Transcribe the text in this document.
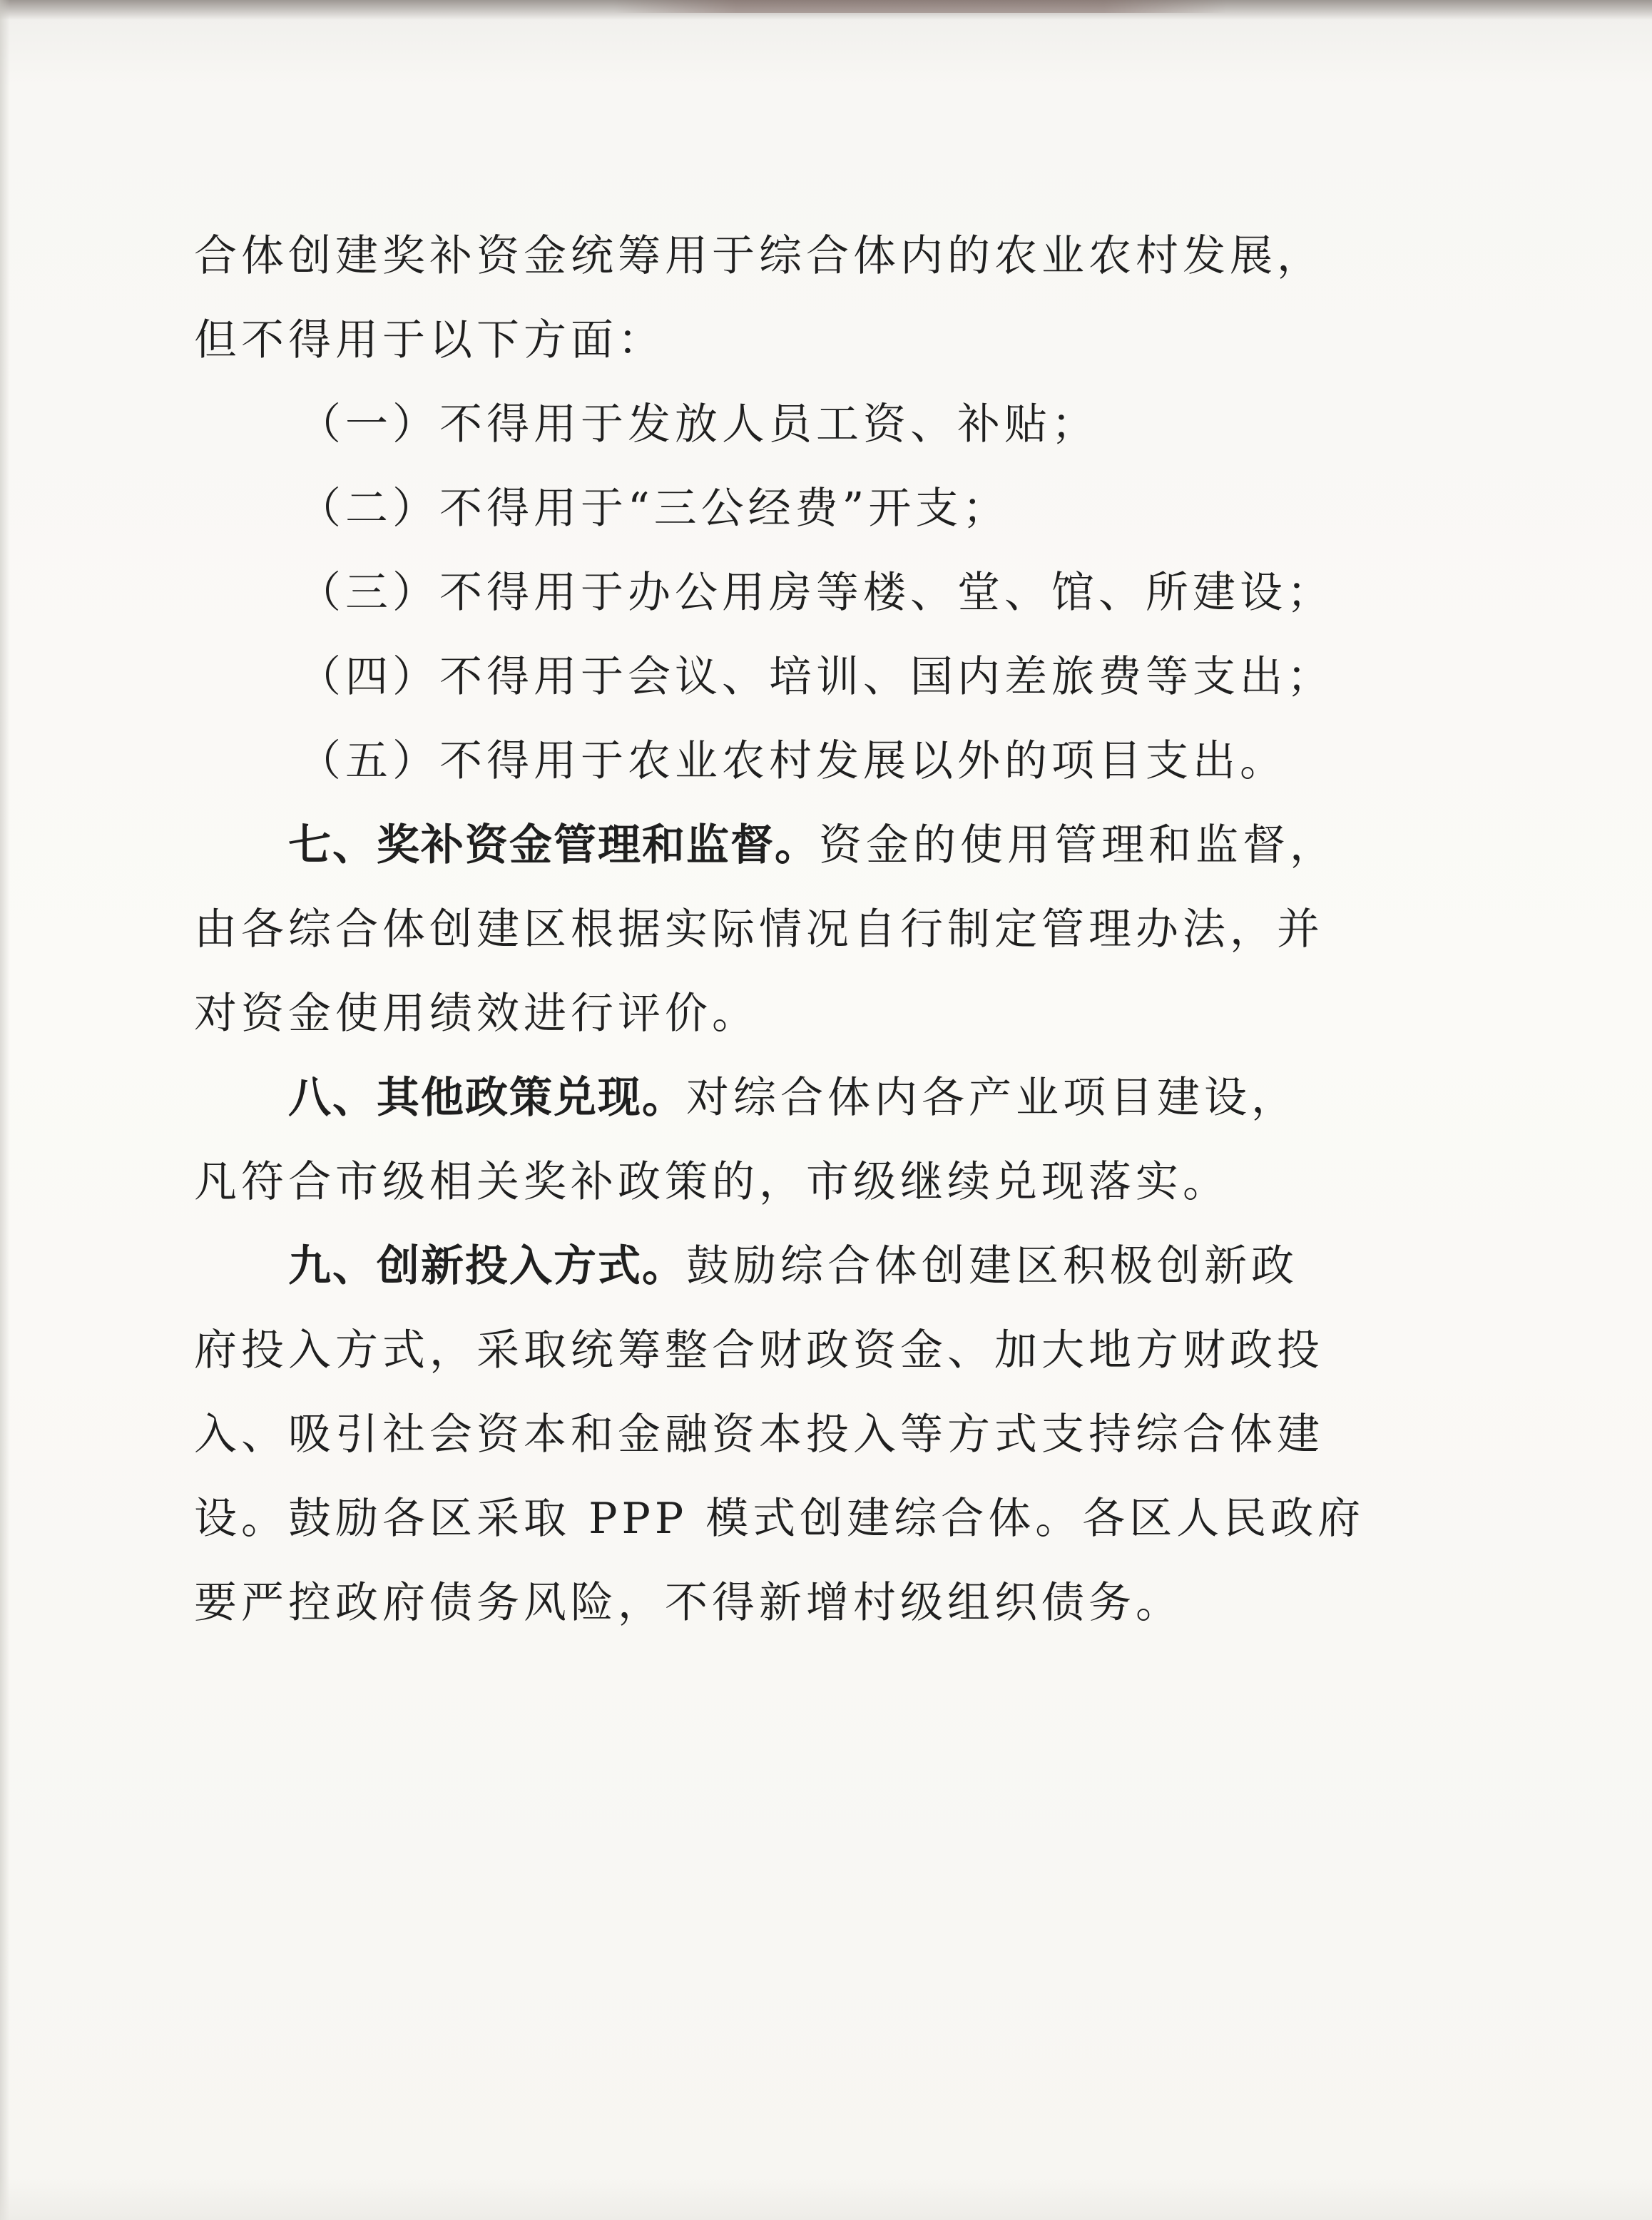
合体创建奖补资金统筹用于综合体内的农业农村发展，
但不得用于以下方面：
（一）不得用于发放人员工资、补贴；
（二）不得用于“三公经费”开支；
（三）不得用于办公用房等楼、堂、馆、所建设；
（四）不得用于会议、培训、国内差旅费等支出；
（五）不得用于农业农村发展以外的项目支出。
七、奖补资金管理和监督。资金的使用管理和监督，
由各综合体创建区根据实际情况自行制定管理办法，并
对资金使用绩效进行评价。
八、其他政策兑现。对综合体内各产业项目建设，
凡符合市级相关奖补政策的，市级继续兑现落实。
九、创新投入方式。鼓励综合体创建区积极创新政
府投入方式，采取统筹整合财政资金、加大地方财政投
入、吸引社会资本和金融资本投入等方式支持综合体建
设。鼓励各区采取 PPP 模式创建综合体。各区人民政府
要严控政府债务风险，不得新增村级组织债务。
